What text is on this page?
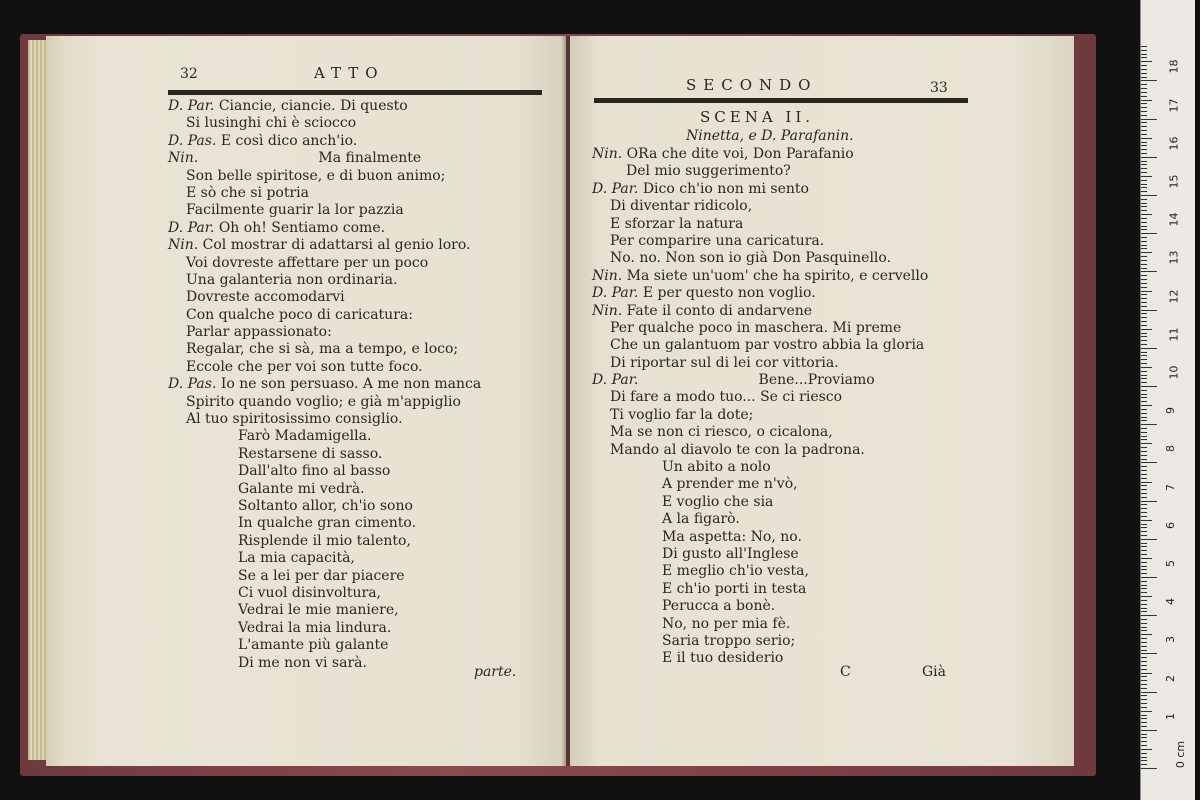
32	ATTO
D. Par. Ciancie, ciancie. Di questo
Si lusinghi chi è sciocco
D. Pas. E così dico anch'io.
Nin.                           Ma finalmente
Son belle spiritose, e di buon animo;
E sò che si potria
Facilmente guarir la lor pazzia
D. Par. Oh oh! Sentiamo come.
Nin. Col mostrar di adattarsi al genio loro.
Voi dovreste affettare per un poco
Una galanteria non ordinaria.
Dovreste accomodarvi
Con qualche poco di caricatura:
Parlar appassionato:
Regalar, che si sà, ma a tempo, e loco;
Eccole che per voi son tutte foco.
D. Pas. Io ne son persuaso. A me non manca
Spirito quando voglio; e già m'appiglio
Al tuo spiritosissimo consiglio.
Farò Madamigella.
Restarsene di sasso.
Dall'alto fino al basso
Galante mi vedrà.
Soltanto allor, ch'io sono
In qualche gran cimento.
Risplende il mio talento,
La mia capacità,
Se a lei per dar piacere
Ci vuol disinvoltura,
Vedrai le mie maniere,
Vedrai la mia lindura.
L'amante più galante
Di me non vi sarà.
parte.
SECONDO	33
SCENA II.
Ninetta, e D. Parafanin.
Nin. ORa che dite voi, Don Parafanio
Del mio suggerimento?
D. Par. Dico ch'io non mi sento
Di diventar ridicolo,
E sforzar la natura
Per comparire una caricatura.
No. no. Non son io già Don Pasquinello.
Nin. Ma siete un'uom' che ha spirito, e cervello
D. Par. E per questo non voglio.
Nin. Fate il conto di andarvene
Per qualche poco in maschera. Mi preme
Che un galantuom par vostro abbia la gloria
Di riportar sul di lei cor vittoria.
D. Par.                           Bene...Proviamo
Di fare a modo tuo... Se ci riesco
Ti voglio far la dote;
Ma se non ci riesco, o cicalona,
Mando al diavolo te con la padrona.
Un abito a nolo
A prender me n'vò,
E voglio che sia
A la figarò.
Ma aspetta: No, no.
Di gusto all'Inglese
E meglio ch'io vesta,
E ch'io porti in testa
Perucca a bonè.
No, no per mia fè.
Saria troppo serio;
E il tuo desiderio
C	Già
18
17
16
15
14
13
12
11
10
9
8
7
6
5
4
3
2
1
0 cm
